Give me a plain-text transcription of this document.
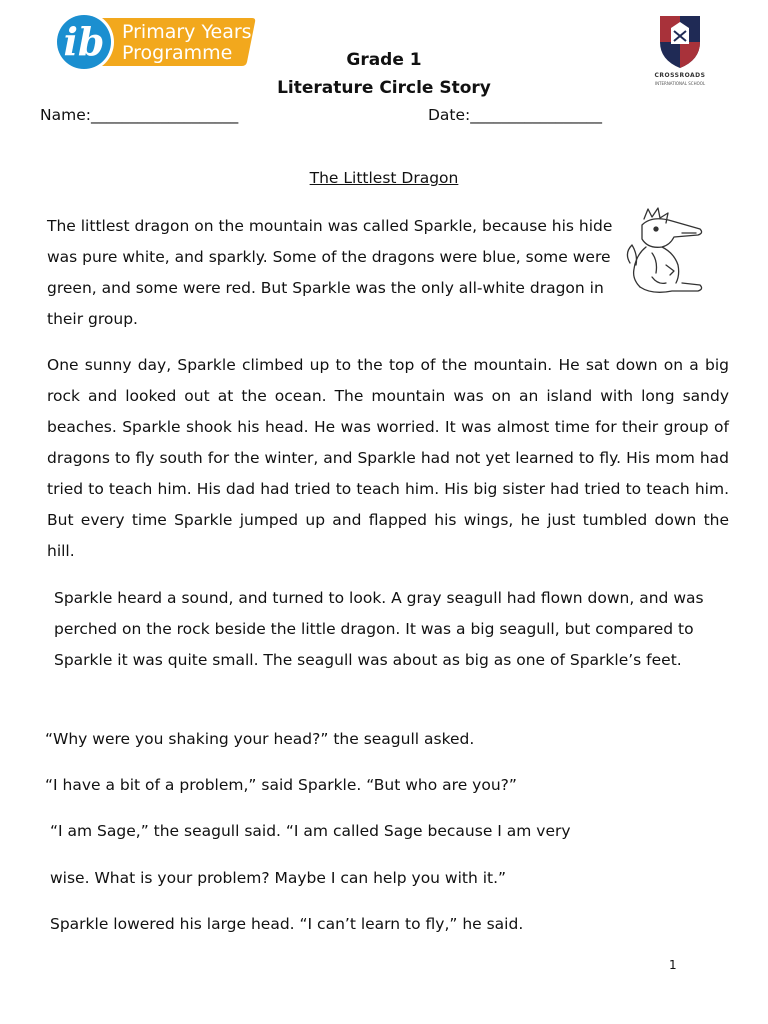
ib Primary Years
Programme
CROSSROADS
INTERNATIONAL SCHOOL
Grade 1
Literature Circle Story
Name:___________________	Date:_________________
The Littlest Dragon

The littlest dragon on the mountain was called Sparkle, because his hide was pure white, and sparkly. Some of the dragons were blue, some were green, and some were red. But Sparkle was the only all-white dragon in their group.

One sunny day, Sparkle climbed up to the top of the mountain. He sat down on a big rock and looked out at the ocean. The mountain was on an island with long sandy beaches. Sparkle shook his head. He was worried. It was almost time for their group of dragons to fly south for the winter, and Sparkle had not yet learned to fly. His mom had tried to teach him. His dad had tried to teach him. His big sister had tried to teach him. But every time Sparkle jumped up and flapped his wings, he just tumbled down the hill.

Sparkle heard a sound, and turned to look. A gray seagull had flown down, and was perched on the rock beside the little dragon. It was a big seagull, but compared to Sparkle it was quite small. The seagull was about as big as one of Sparkle’s feet.

“Why were you shaking your head?” the seagull asked.

“I have a bit of a problem,” said Sparkle. “But who are you?”

“I am Sage,” the seagull said. “I am called Sage because I am very

wise. What is your problem? Maybe I can help you with it.”

Sparkle lowered his large head. “I can’t learn to fly,” he said.

1
